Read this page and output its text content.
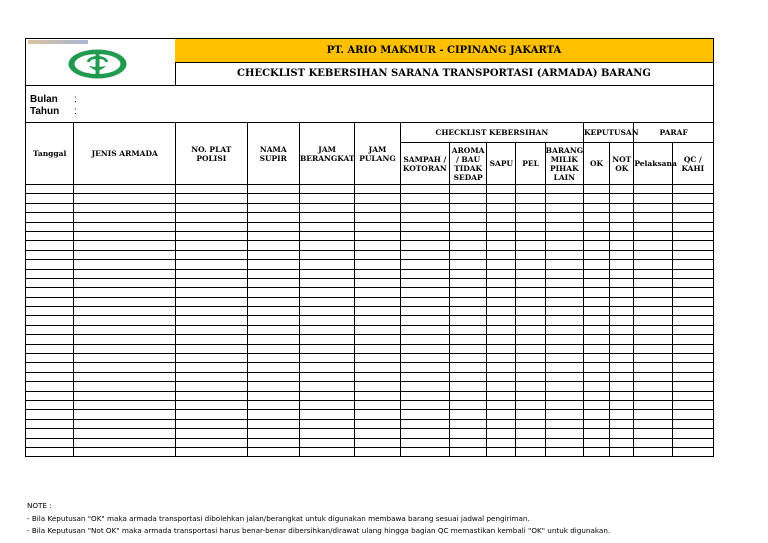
PT. ARIO MAKMUR - CIPINANG JAKARTA
CHECKLIST KEBERSIHAN SARANA TRANSPORTASI (ARMADA) BARANG
Bulan :
Tahun :
Tanggal	JENIS ARMADA	NO. PLAT POLISI	NAMA SUPIR	JAM BERANGKAT	JAM PULANG	CHECKLIST KEBERSIHAN					KEPUTUSAN		PARAF	
						SAMPAH / KOTORAN	AROMA / BAU TIDAK SEDAP	SAPU	PEL	BARANG MILIK PIHAK LAIN	OK	NOT OK	Pelaksana	QC / KAHI

NOTE :
- Bila Keputusan "OK" maka armada transportasi dibolehkan jalan/berangkat untuk digunakan membawa barang sesuai jadwal pengiriman.
- Bila Keputusan "Not OK" maka armada transportasi harus benar-benar dibersihkan/dirawat ulang hingga bagian QC memastikan kembali "OK" untuk digunakan.
